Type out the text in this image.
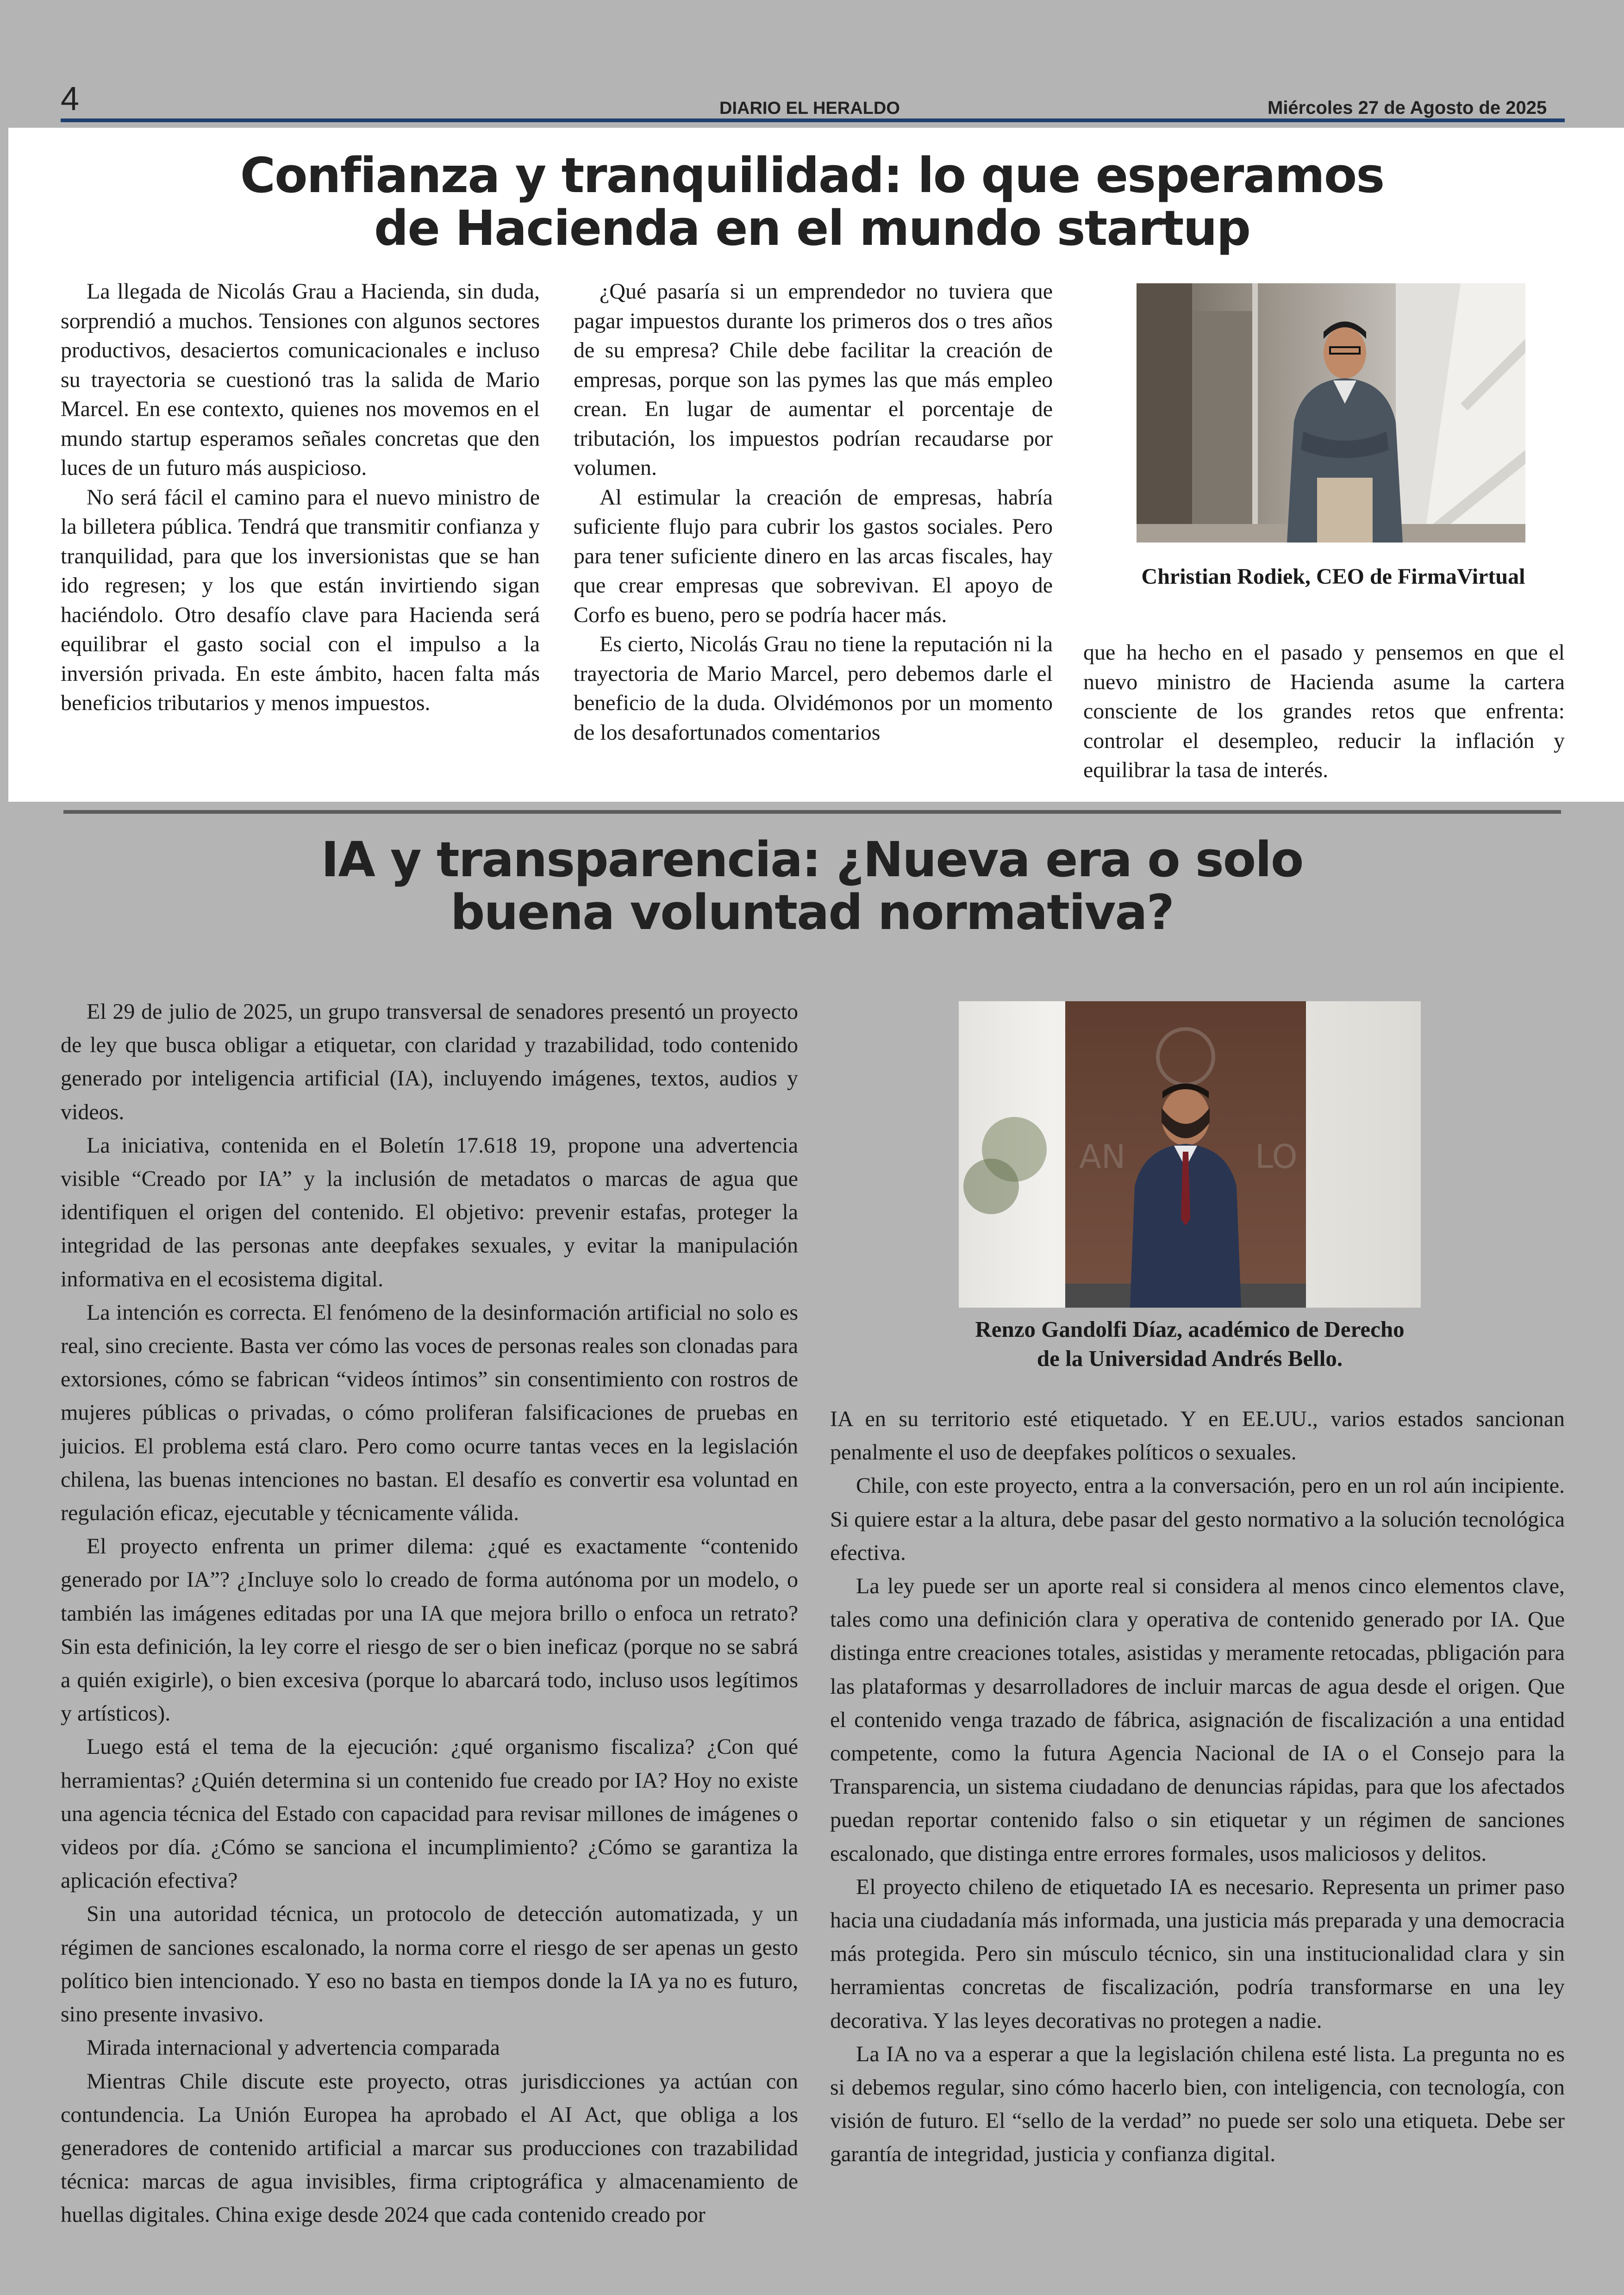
4	DIARIO EL HERALDO	Miércoles 27 de Agosto de 2025
Confianza y tranquilidad: lo que esperamos
de Hacienda en el mundo startup

La llegada de Nicolás Grau a Hacienda, sin duda, sorprendió a muchos. Tensiones con algunos sectores productivos, desaciertos comunicacionales e incluso su trayectoria se cuestionó tras la salida de Mario Marcel. En ese contexto, quienes nos movemos en el mundo startup esperamos señales concretas que den luces de un futuro más auspicioso.

No será fácil el camino para el nuevo ministro de la billetera pública. Tendrá que transmitir confianza y tranquilidad, para que los inversionistas que se han ido regresen; y los que están invirtiendo sigan haciéndolo. Otro desafío clave para Hacienda será equilibrar el gasto social con el impulso a la inversión privada. En este ámbito, hacen falta más beneficios tributarios y menos impuestos.

¿Qué pasaría si un emprendedor no tuviera que pagar impuestos durante los primeros dos o tres años de su empresa? Chile debe facilitar la creación de empresas, porque son las pymes las que más empleo crean. En lugar de aumentar el porcentaje de tributación, los impuestos podrían recaudarse por volumen.

Al estimular la creación de empresas, habría suficiente flujo para cubrir los gastos sociales. Pero para tener suficiente dinero en las arcas fiscales, hay que crear empresas que sobrevivan. El apoyo de Corfo es bueno, pero se podría hacer más.

Es cierto, Nicolás Grau no tiene la reputación ni la trayectoria de Mario Marcel, pero debemos darle el beneficio de la duda. Olvidémonos por un momento de los desafortunados comentarios

Christian Rodiek, CEO de FirmaVirtual

que ha hecho en el pasado y pensemos en que el nuevo ministro de Hacienda asume la cartera consciente de los grandes retos que enfrenta: controlar el desempleo, reducir la inflación y equilibrar la tasa de interés.

IA y transparencia: ¿Nueva era o solo
buena voluntad normativa?

El 29 de julio de 2025, un grupo transversal de senadores presentó un proyecto de ley que busca obligar a etiquetar, con claridad y trazabilidad, todo contenido generado por inteligencia artificial (IA), incluyendo imágenes, textos, audios y videos.

La iniciativa, contenida en el Boletín 17.618 19, propone una advertencia visible “Creado por IA” y la inclusión de metadatos o marcas de agua que identifiquen el origen del contenido. El objetivo: prevenir estafas, proteger la integridad de las personas ante deepfakes sexuales, y evitar la manipulación informativa en el ecosistema digital.

La intención es correcta. El fenómeno de la desinformación artificial no solo es real, sino creciente. Basta ver cómo las voces de personas reales son clonadas para extorsiones, cómo se fabrican “videos íntimos” sin consentimiento con rostros de mujeres públicas o privadas, o cómo proliferan falsificaciones de pruebas en juicios. El problema está claro. Pero como ocurre tantas veces en la legislación chilena, las buenas intenciones no bastan. El desafío es convertir esa voluntad en regulación eficaz, ejecutable y técnicamente válida.

El proyecto enfrenta un primer dilema: ¿qué es exactamente “contenido generado por IA”? ¿Incluye solo lo creado de forma autónoma por un modelo, o también las imágenes editadas por una IA que mejora brillo o enfoca un retrato? Sin esta definición, la ley corre el riesgo de ser o bien ineficaz (porque no se sabrá a quién exigirle), o bien excesiva (porque lo abarcará todo, incluso usos legítimos y artísticos).

Luego está el tema de la ejecución: ¿qué organismo fiscaliza? ¿Con qué herramientas? ¿Quién determina si un contenido fue creado por IA? Hoy no existe una agencia técnica del Estado con capacidad para revisar millones de imágenes o videos por día. ¿Cómo se sanciona el incumplimiento? ¿Cómo se garantiza la aplicación efectiva?

Sin una autoridad técnica, un protocolo de detección automatizada, y un régimen de sanciones escalonado, la norma corre el riesgo de ser apenas un gesto político bien intencionado. Y eso no basta en tiempos donde la IA ya no es futuro, sino presente invasivo.

Mirada internacional y advertencia comparada

Mientras Chile discute este proyecto, otras jurisdicciones ya actúan con contundencia. La Unión Europea ha aprobado el AI Act, que obliga a los generadores de contenido artificial a marcar sus producciones con trazabilidad técnica: marcas de agua invisibles, firma criptográfica y almacenamiento de huellas digitales. China exige desde 2024 que cada contenido creado por

AN	LO
Renzo Gandolfi Díaz, académico de Derecho
de la Universidad Andrés Bello.

IA en su territorio esté etiquetado. Y en EE.UU., varios estados sancionan penalmente el uso de deepfakes políticos o sexuales.

Chile, con este proyecto, entra a la conversación, pero en un rol aún incipiente. Si quiere estar a la altura, debe pasar del gesto normativo a la solución tecnológica efectiva.

La ley puede ser un aporte real si considera al menos cinco elementos clave, tales como una definición clara y operativa de contenido generado por IA. Que distinga entre creaciones totales, asistidas y meramente retocadas, pbligación para las plataformas y desarrolladores de incluir marcas de agua desde el origen. Que el contenido venga trazado de fábrica, asignación de fiscalización a una entidad competente, como la futura Agencia Nacional de IA o el Consejo para la Transparencia, un sistema ciudadano de denuncias rápidas, para que los afectados puedan reportar contenido falso o sin etiquetar y un régimen de sanciones escalonado, que distinga entre errores formales, usos maliciosos y delitos.

El proyecto chileno de etiquetado IA es necesario. Representa un primer paso hacia una ciudadanía más informada, una justicia más preparada y una democracia más protegida. Pero sin músculo técnico, sin una institucionalidad clara y sin herramientas concretas de fiscalización, podría transformarse en una ley decorativa. Y las leyes decorativas no protegen a nadie.

La IA no va a esperar a que la legislación chilena esté lista. La pregunta no es si debemos regular, sino cómo hacerlo bien, con inteligencia, con tecnología, con visión de futuro. El “sello de la verdad” no puede ser solo una etiqueta. Debe ser garantía de integridad, justicia y confianza digital.
